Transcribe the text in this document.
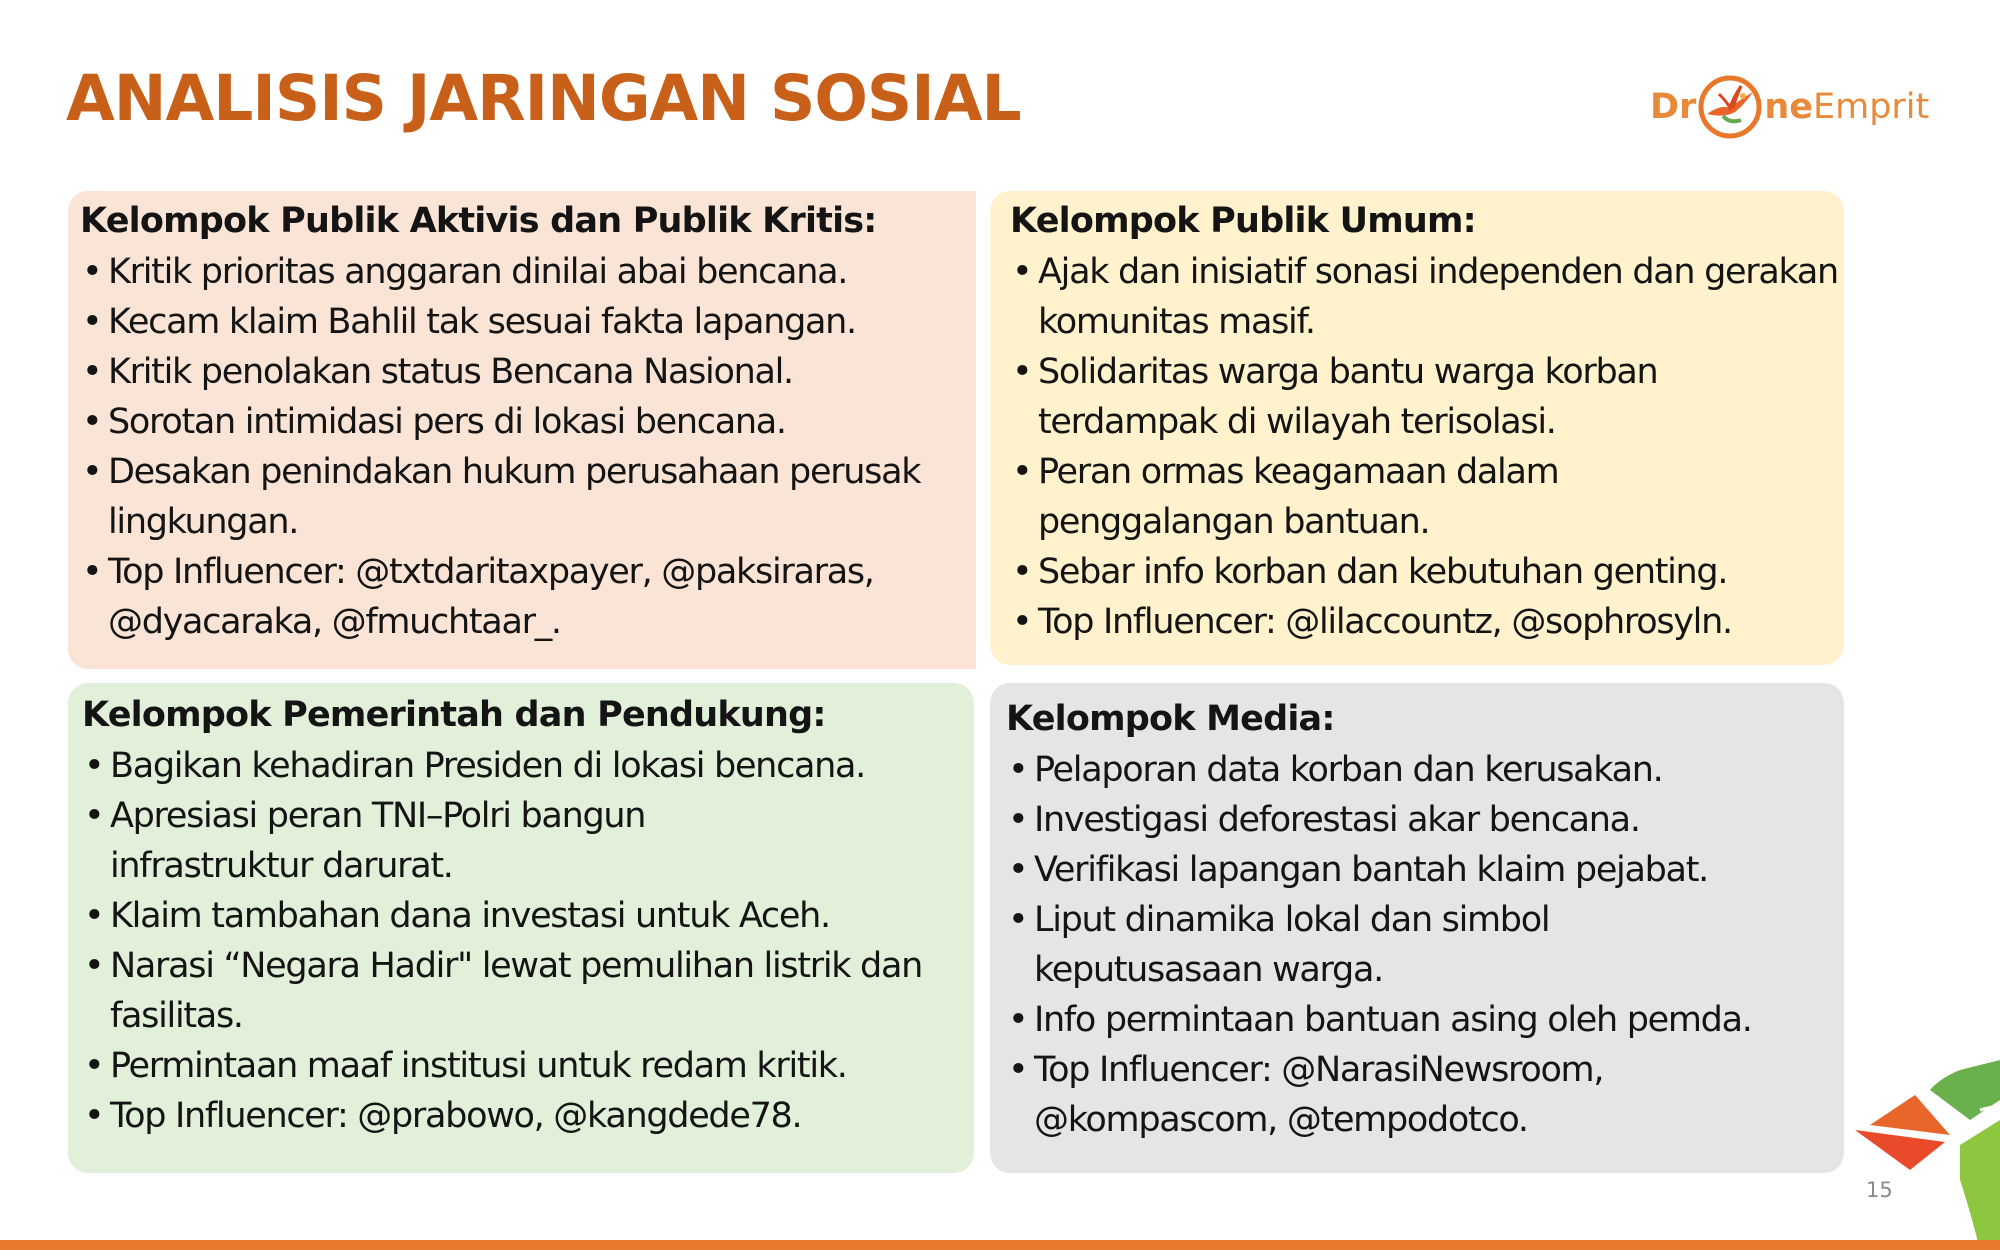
ANALISIS JARINGAN SOSIAL	Dr ne Emprit
Kelompok Publik Aktivis dan Publik Kritis:
• Kritik prioritas anggaran dinilai abai bencana.
• Kecam klaim Bahlil tak sesuai fakta lapangan.
• Kritik penolakan status Bencana Nasional.
• Sorotan intimidasi pers di lokasi bencana.
• Desakan penindakan hukum perusahaan perusak lingkungan.
• Top Influencer: @txtdaritaxpayer, @paksiraras, @dyacaraka, @fmuchtaar_.
Kelompok Publik Umum:
• Ajak dan inisiatif sonasi independen dan gerakan komunitas masif.
• Solidaritas warga bantu warga korban terdampak di wilayah terisolasi.
• Peran ormas keagamaan dalam penggalangan bantuan.
• Sebar info korban dan kebutuhan genting.
• Top Influencer: @lilaccountz, @sophrosyln.
Kelompok Pemerintah dan Pendukung:
• Bagikan kehadiran Presiden di lokasi bencana.
• Apresiasi peran TNI–Polri bangun infrastruktur darurat.
• Klaim tambahan dana investasi untuk Aceh.
• Narasi “Negara Hadir" lewat pemulihan listrik dan fasilitas.
• Permintaan maaf institusi untuk redam kritik.
• Top Influencer: @prabowo, @kangdede78.
Kelompok Media:
• Pelaporan data korban dan kerusakan.
• Investigasi deforestasi akar bencana.
• Verifikasi lapangan bantah klaim pejabat.
• Liput dinamika lokal dan simbol keputusasaan warga.
• Info permintaan bantuan asing oleh pemda.
• Top Influencer: @NarasiNewsroom, @kompascom, @tempodotco.
15
